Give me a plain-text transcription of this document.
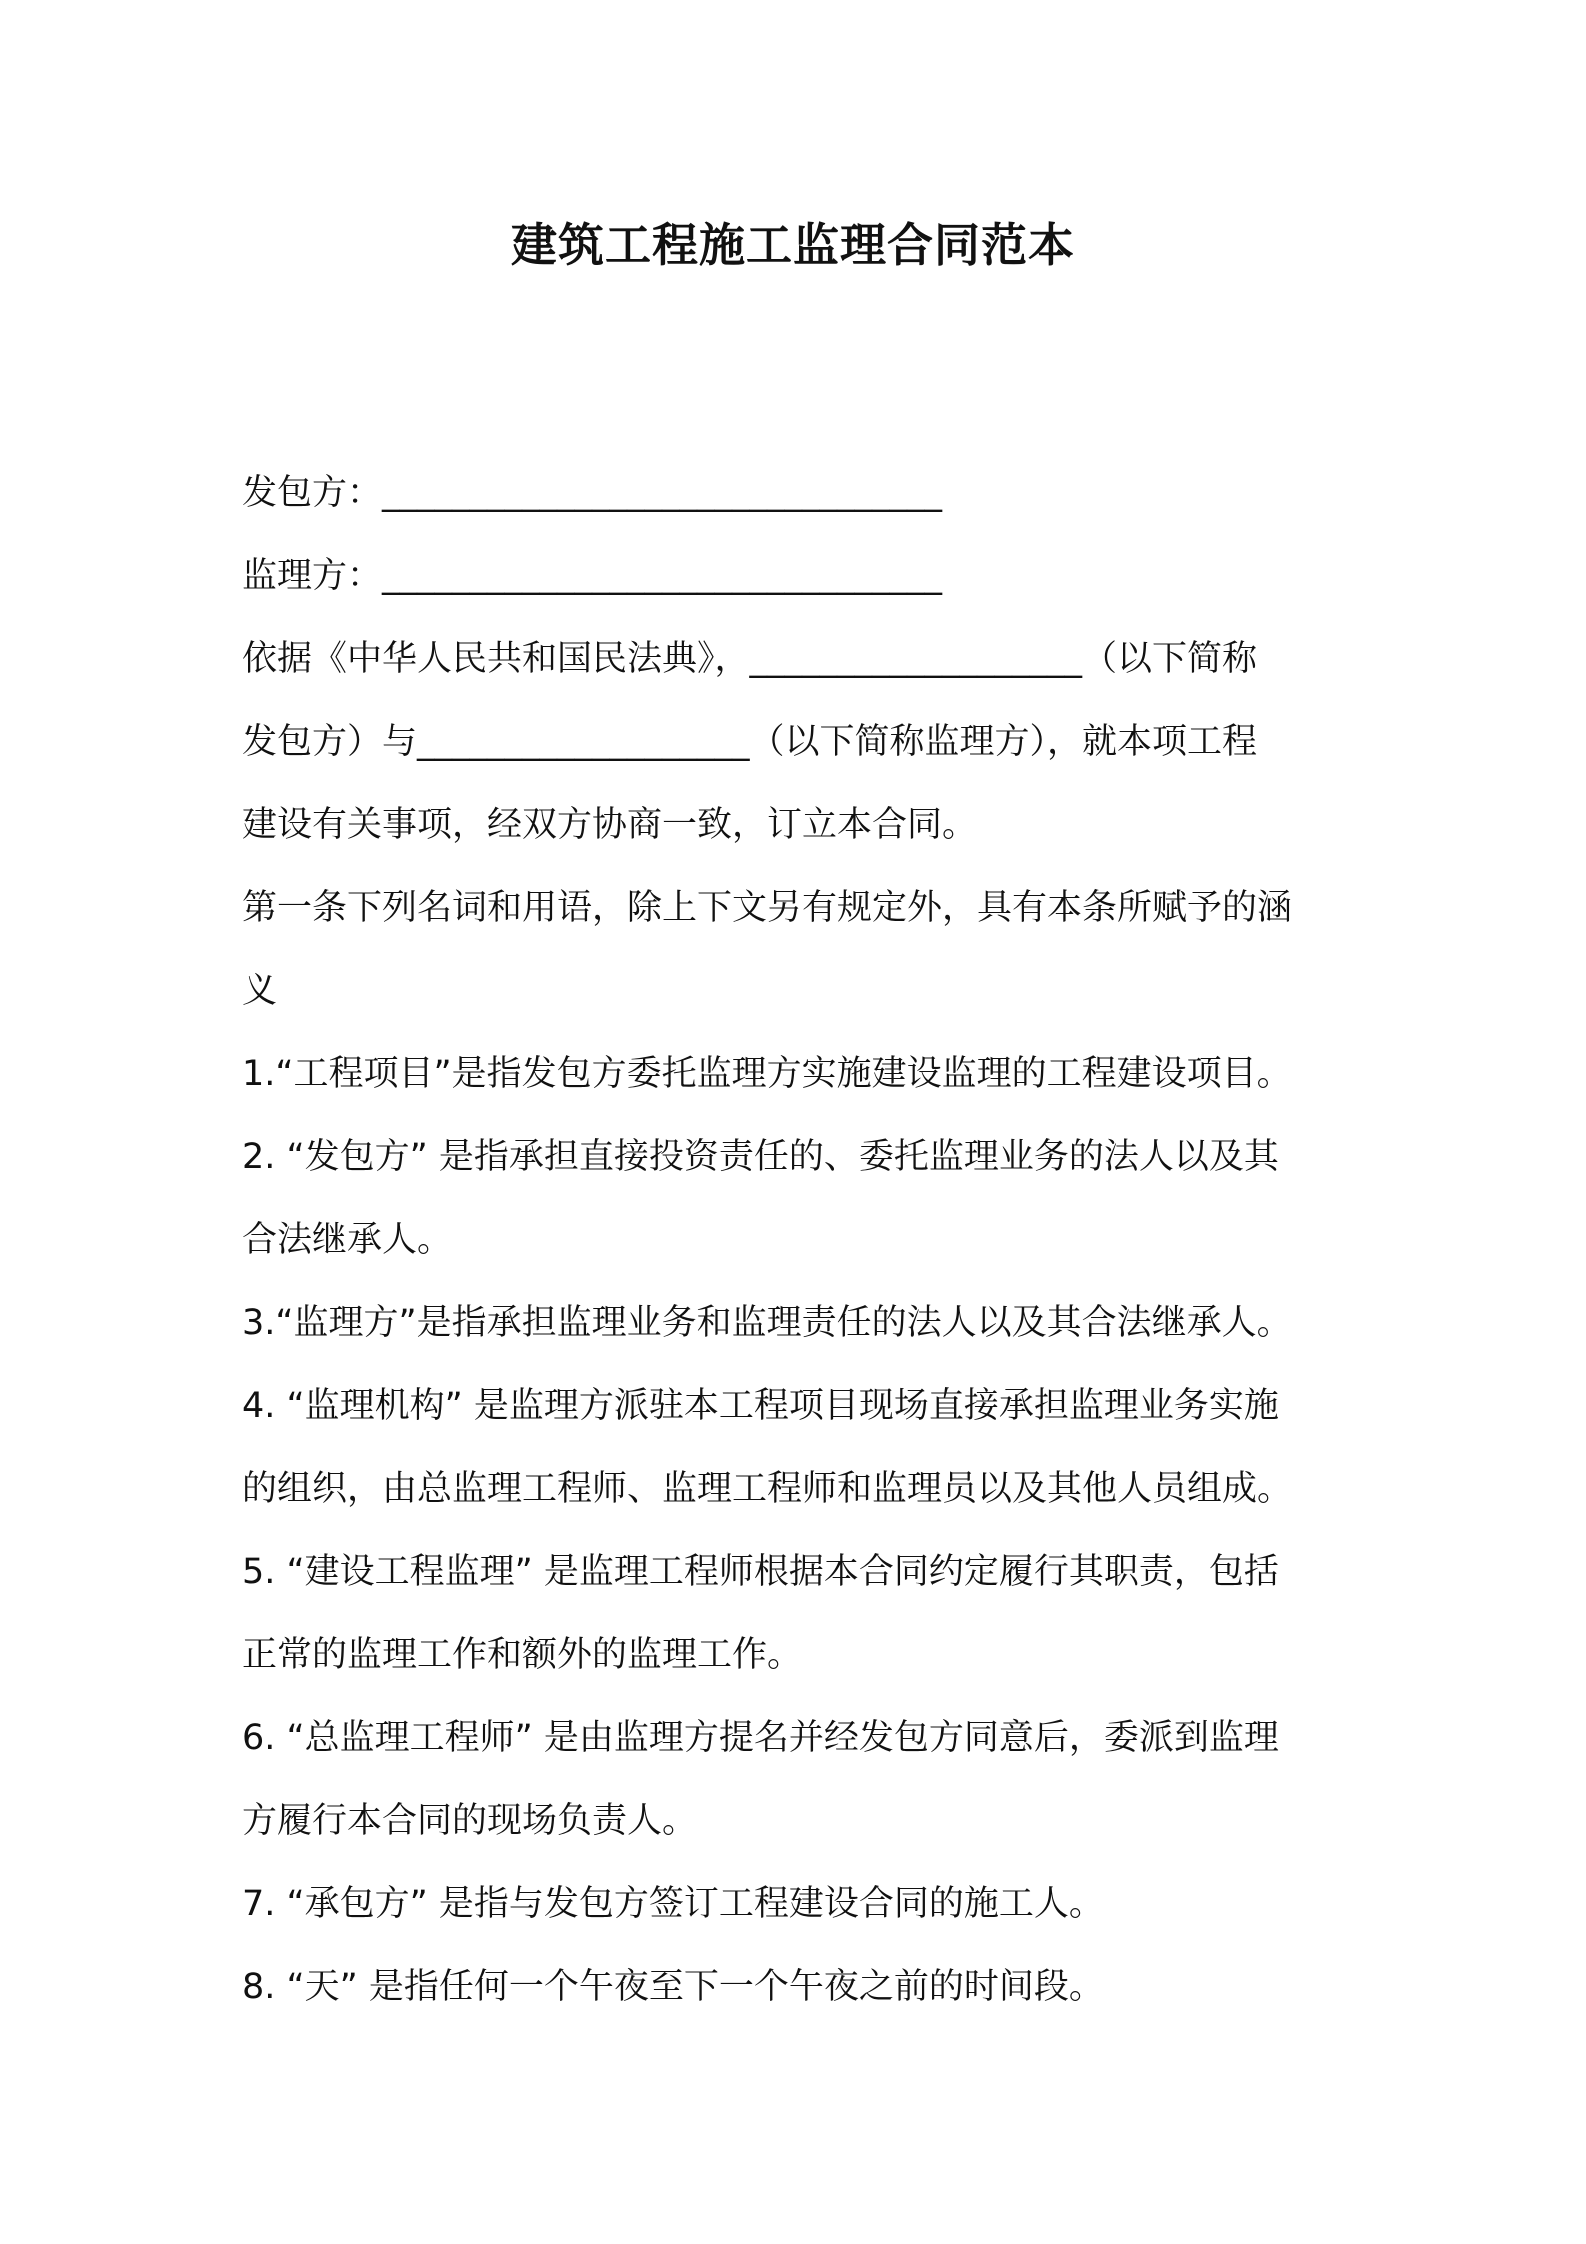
建筑工程施工监理合同范本
发包方：________________________________
监理方：________________________________
依据《中华人民共和国民法典》，___________________（以下简称
发包方）与___________________（以下简称监理方），就本项工程
建设有关事项，经双方协商一致，订立本合同。
第一条下列名词和用语，除上下文另有规定外，具有本条所赋予的涵
义
1.“工程项目”是指发包方委托监理方实施建设监理的工程建设项目。
2. “发包方” 是指承担直接投资责任的、委托监理业务的法人以及其
合法继承人。
3.“监理方”是指承担监理业务和监理责任的法人以及其合法继承人。
4. “监理机构” 是监理方派驻本工程项目现场直接承担监理业务实施
的组织，由总监理工程师、监理工程师和监理员以及其他人员组成。
5. “建设工程监理” 是监理工程师根据本合同约定履行其职责，包括
正常的监理工作和额外的监理工作。
6. “总监理工程师” 是由监理方提名并经发包方同意后，委派到监理
方履行本合同的现场负责人。
7. “承包方” 是指与发包方签订工程建设合同的施工人。
8. “天” 是指任何一个午夜至下一个午夜之前的时间段。
